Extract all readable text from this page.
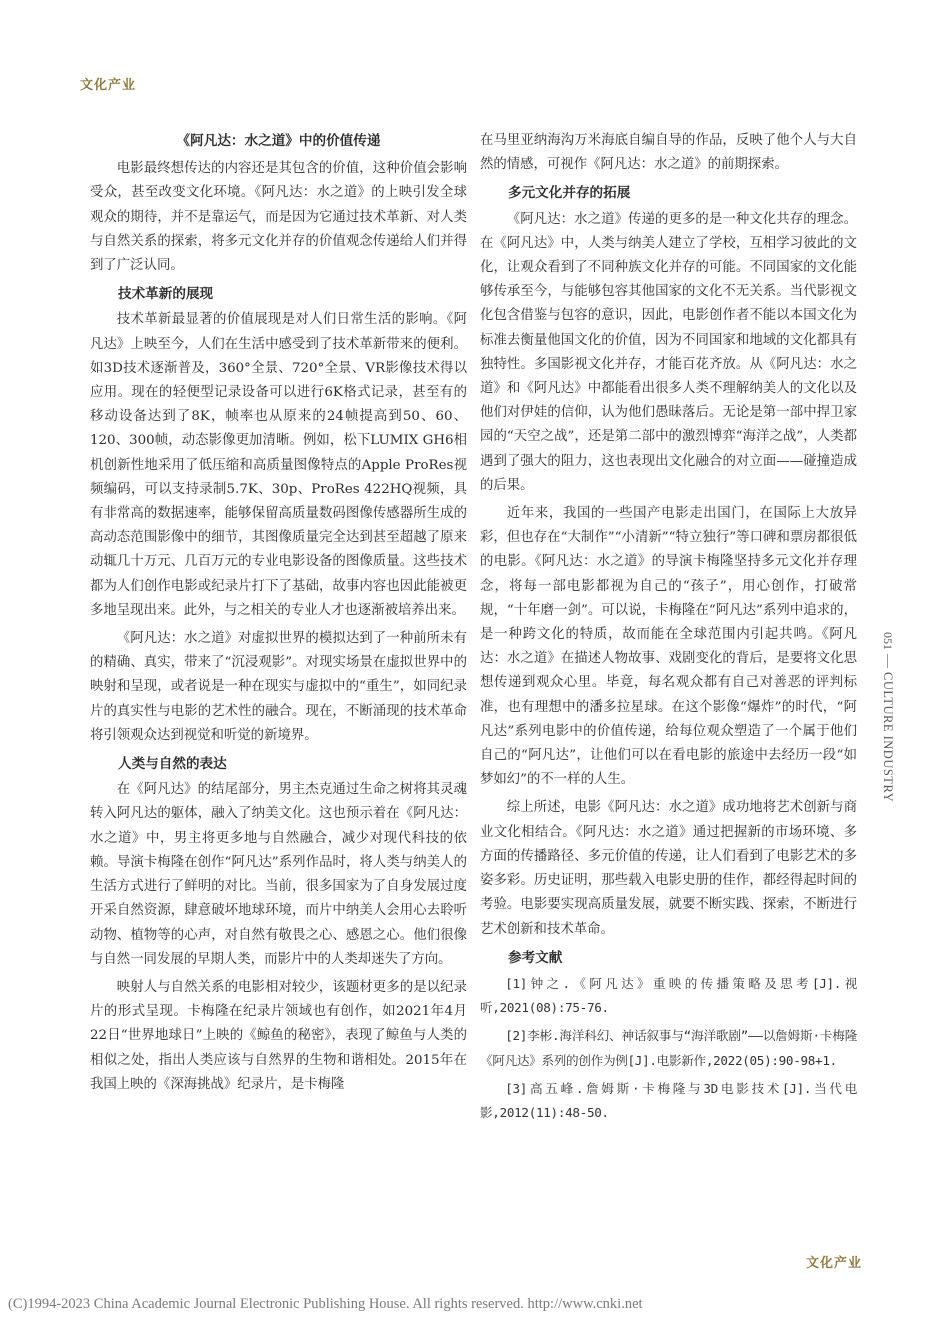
文化产业
051
CULTURE INDUSTRY
《阿凡达：水之道》中的价值传递

电影最终想传达的内容还是其包含的价值，这种价值会影响受众，甚至改变文化环境。《阿凡达：水之道》的上映引发全球观众的期待，并不是靠运气，而是因为它通过技术革新、对人类与自然关系的探索，将多元文化并存的价值观念传递给人们并得到了广泛认同。

技术革新的展现

技术革新最显著的价值展现是对人们日常生活的影响。《阿凡达》上映至今，人们在生活中感受到了技术革新带来的便利。如3D技术逐渐普及，360°全景、720°全景、VR影像技术得以应用。现在的轻便型记录设备可以进行6K格式记录，甚至有的移动设备达到了8K，帧率也从原来的24帧提高到50、60、120、300帧，动态影像更加清晰。例如，松下LUMIX GH6相机创新性地采用了低压缩和高质量图像特点的Apple ProRes视频编码，可以支持录制5.7K、30p、ProRes 422HQ视频，具有非常高的数据速率，能够保留高质量数码图像传感器所生成的高动态范围影像中的细节，其图像质量完全达到甚至超越了原来动辄几十万元、几百万元的专业电影设备的图像质量。这些技术都为人们创作电影或纪录片打下了基础，故事内容也因此能被更多地呈现出来。此外，与之相关的专业人才也逐渐被培养出来。

《阿凡达：水之道》对虚拟世界的模拟达到了一种前所未有的精确、真实，带来了“沉浸观影”。对现实场景在虚拟世界中的映射和呈现，或者说是一种在现实与虚拟中的“重生”，如同纪录片的真实性与电影的艺术性的融合。现在，不断涌现的技术革命将引领观众达到视觉和听觉的新境界。

人类与自然的表达

在《阿凡达》的结尾部分，男主杰克通过生命之树将其灵魂转入阿凡达的躯体，融入了纳美文化。这也预示着在《阿凡达：水之道》中，男主将更多地与自然融合，减少对现代科技的依赖。导演卡梅隆在创作“阿凡达”系列作品时，将人类与纳美人的生活方式进行了鲜明的对比。当前，很多国家为了自身发展过度开采自然资源，肆意破坏地球环境，而片中纳美人会用心去聆听动物、植物等的心声，对自然有敬畏之心、感恩之心。他们很像与自然一同发展的早期人类，而影片中的人类却迷失了方向。

映射人与自然关系的电影相对较少，该题材更多的是以纪录片的形式呈现。卡梅隆在纪录片领域也有创作，如2021年4月22日“世界地球日”上映的《鲸鱼的秘密》，表现了鲸鱼与人类的相似之处，指出人类应该与自然界的生物和谐相处。2015年在我国上映的《深海挑战》纪录片，是卡梅隆

在马里亚纳海沟万米海底自编自导的作品，反映了他个人与大自然的情感，可视作《阿凡达：水之道》的前期探索。

多元文化并存的拓展

《阿凡达：水之道》传递的更多的是一种文化共存的理念。在《阿凡达》中，人类与纳美人建立了学校，互相学习彼此的文化，让观众看到了不同种族文化并存的可能。不同国家的文化能够传承至今，与能够包容其他国家的文化不无关系。当代影视文化包含借鉴与包容的意识，因此，电影创作者不能以本国文化为标准去衡量他国文化的价值，因为不同国家和地域的文化都具有独特性。多国影视文化并存，才能百花齐放。从《阿凡达：水之道》和《阿凡达》中都能看出很多人类不理解纳美人的文化以及他们对伊娃的信仰，认为他们愚昧落后。无论是第一部中捍卫家园的“天空之战”，还是第二部中的激烈博弈“海洋之战”，人类都遇到了强大的阻力，这也表现出文化融合的对立面——碰撞造成的后果。

近年来，我国的一些国产电影走出国门，在国际上大放异彩，但也存在“大制作”“小清新”“特立独行”等口碑和票房都很低的电影。《阿凡达：水之道》的导演卡梅隆坚持多元文化并存理念，将每一部电影都视为自己的“孩子”，用心创作，打破常规，“十年磨一剑”。可以说，卡梅隆在“阿凡达”系列中追求的，是一种跨文化的特质，故而能在全球范围内引起共鸣。《阿凡达：水之道》在描述人物故事、戏剧变化的背后，是要将文化思想传递到观众心里。毕竟，每名观众都有自己对善恶的评判标准，也有理想中的潘多拉星球。在这个影像“爆炸”的时代，“阿凡达”系列电影中的价值传递，给每位观众塑造了一个属于他们自己的“阿凡达”，让他们可以在看电影的旅途中去经历一段“如梦如幻”的不一样的人生。

综上所述，电影《阿凡达：水之道》成功地将艺术创新与商业文化相结合。《阿凡达：水之道》通过把握新的市场环境、多方面的传播路径、多元价值的传递，让人们看到了电影艺术的多姿多彩。历史证明，那些载入电影史册的佳作，都经得起时间的考验。电影要实现高质量发展，就要不断实践、探索，不断进行艺术创新和技术革命。

参考文献

[1]钟之.《阿凡达》重映的传播策略及思考[J].视听,2021(08):75-76.

[2]李彬.海洋科幻、神话叙事与“海洋歌剧”——以詹姆斯·卡梅隆《阿凡达》系列的创作为例[J].电影新作,2022(05):90-98+1.

[3]高五峰.詹姆斯·卡梅隆与3D电影技术[J].当代电影,2012(11):48-50.

文化产业
(C)1994-2023 China Academic Journal Electronic Publishing House. All rights reserved. http://www.cnki.net
